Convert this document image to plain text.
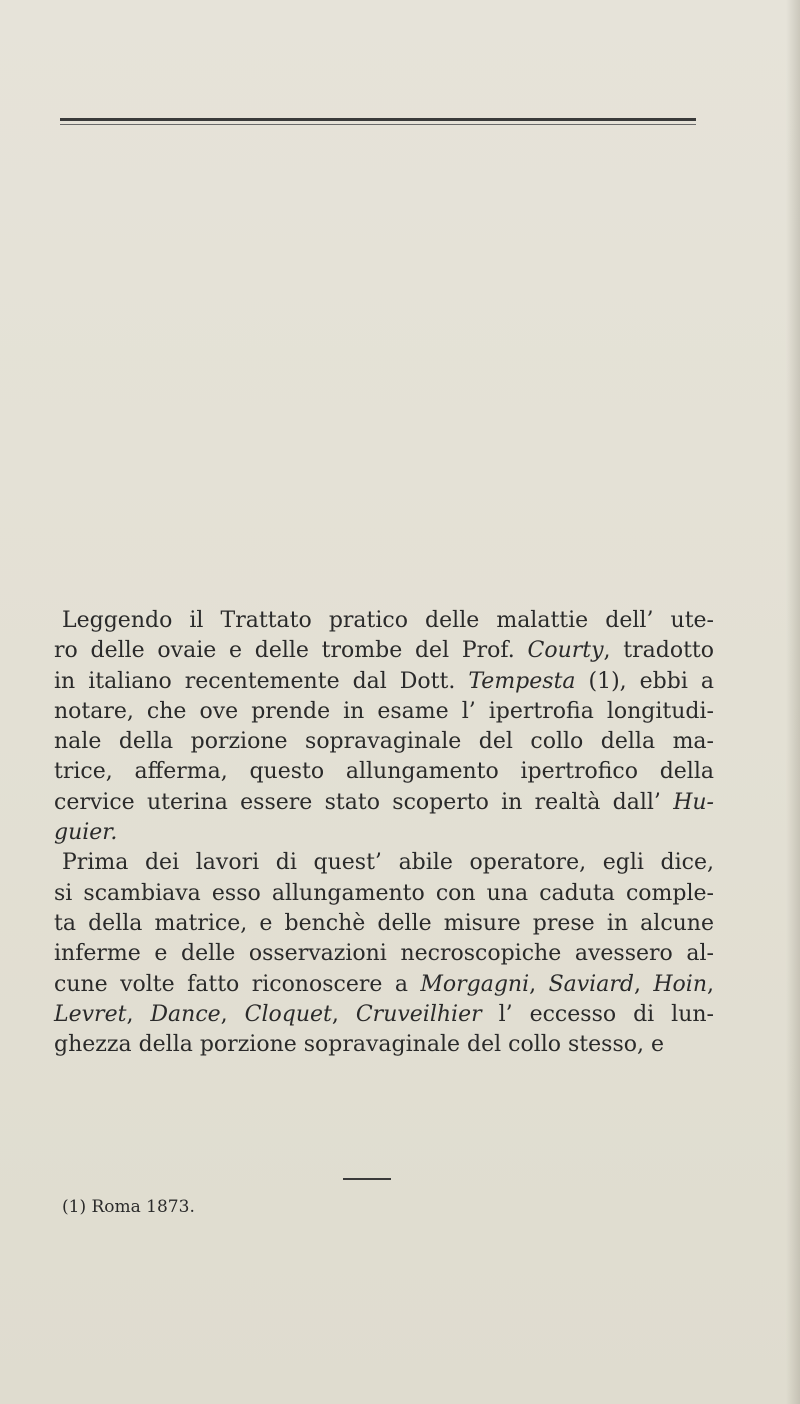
Leggendo il Trattato pratico delle malattie dell’ ute-
ro delle ovaie e delle trombe del Prof. Courty, tradotto
in italiano recentemente dal Dott. Tempesta (1), ebbi a
notare, che ove prende in esame l’ ipertrofia longitudi-
nale della porzione sopravaginale del collo della ma-
trice, afferma, questo allungamento ipertrofico della
cervice uterina essere stato scoperto in realtà dall’ Hu-
guier.
Prima dei lavori di quest’ abile operatore, egli dice,
si scambiava esso allungamento con una caduta comple-
ta della matrice, e benchè delle misure prese in alcune
inferme e delle osservazioni necroscopiche avessero al-
cune volte fatto riconoscere a Morgagni, Saviard, Hoin,
Levret, Dance, Cloquet, Cruveilhier l’ eccesso di lun-
ghezza della porzione sopravaginale del collo stesso, e
(1) Roma 1873.
